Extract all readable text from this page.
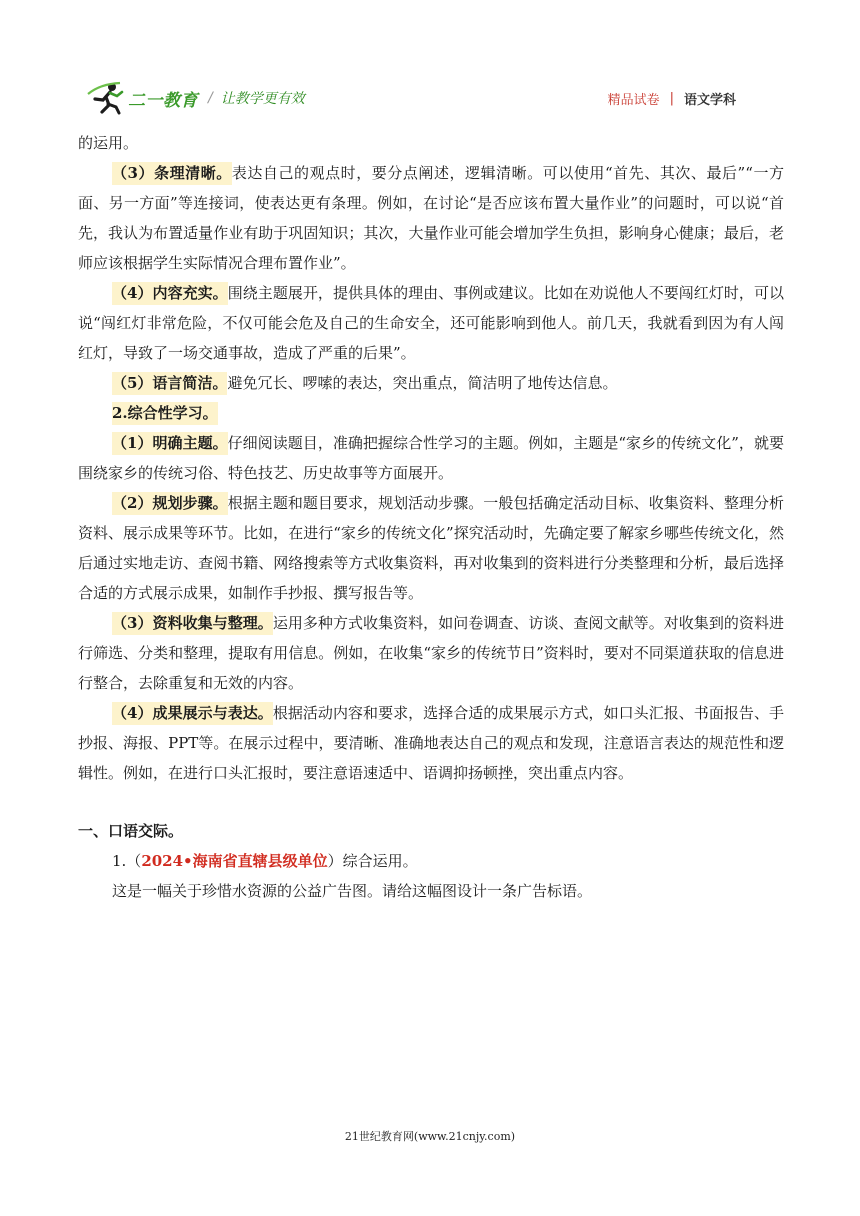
二一教育 / 让教学更有效	精品试卷 | 语文学科

的运用。

（3）条理清晰。表达自己的观点时，要分点阐述，逻辑清晰。可以使用“首先、其次、最后”“一方面、另一方面”等连接词，使表达更有条理。例如，在讨论“是否应该布置大量作业”的问题时，可以说“首先，我认为布置适量作业有助于巩固知识；其次，大量作业可能会增加学生负担，影响身心健康；最后，老师应该根据学生实际情况合理布置作业”。

（4）内容充实。围绕主题展开，提供具体的理由、事例或建议。比如在劝说他人不要闯红灯时，可以说“闯红灯非常危险，不仅可能会危及自己的生命安全，还可能影响到他人。前几天，我就看到因为有人闯红灯，导致了一场交通事故，造成了严重的后果”。

（5）语言简洁。避免冗长、啰嗦的表达，突出重点，简洁明了地传达信息。

2.综合性学习。

（1）明确主题。仔细阅读题目，准确把握综合性学习的主题。例如，主题是“家乡的传统文化”，就要围绕家乡的传统习俗、特色技艺、历史故事等方面展开。

（2）规划步骤。根据主题和题目要求，规划活动步骤。一般包括确定活动目标、收集资料、整理分析资料、展示成果等环节。比如，在进行“家乡的传统文化”探究活动时，先确定要了解家乡哪些传统文化，然后通过实地走访、查阅书籍、网络搜索等方式收集资料，再对收集到的资料进行分类整理和分析，最后选择合适的方式展示成果，如制作手抄报、撰写报告等。

（3）资料收集与整理。运用多种方式收集资料，如问卷调查、访谈、查阅文献等。对收集到的资料进行筛选、分类和整理，提取有用信息。例如，在收集“家乡的传统节日”资料时，要对不同渠道获取的信息进行整合，去除重复和无效的内容。

（4）成果展示与表达。根据活动内容和要求，选择合适的成果展示方式，如口头汇报、书面报告、手抄报、海报、PPT等。在展示过程中，要清晰、准确地表达自己的观点和发现，注意语言表达的规范性和逻辑性。例如，在进行口头汇报时，要注意语速适中、语调抑扬顿挫，突出重点内容。

一、口语交际。

1.（2024•海南省直辖县级单位）综合运用。

这是一幅关于珍惜水资源的公益广告图。请给这幅图设计一条广告标语。

21世纪教育网(www.21cnjy.com)
